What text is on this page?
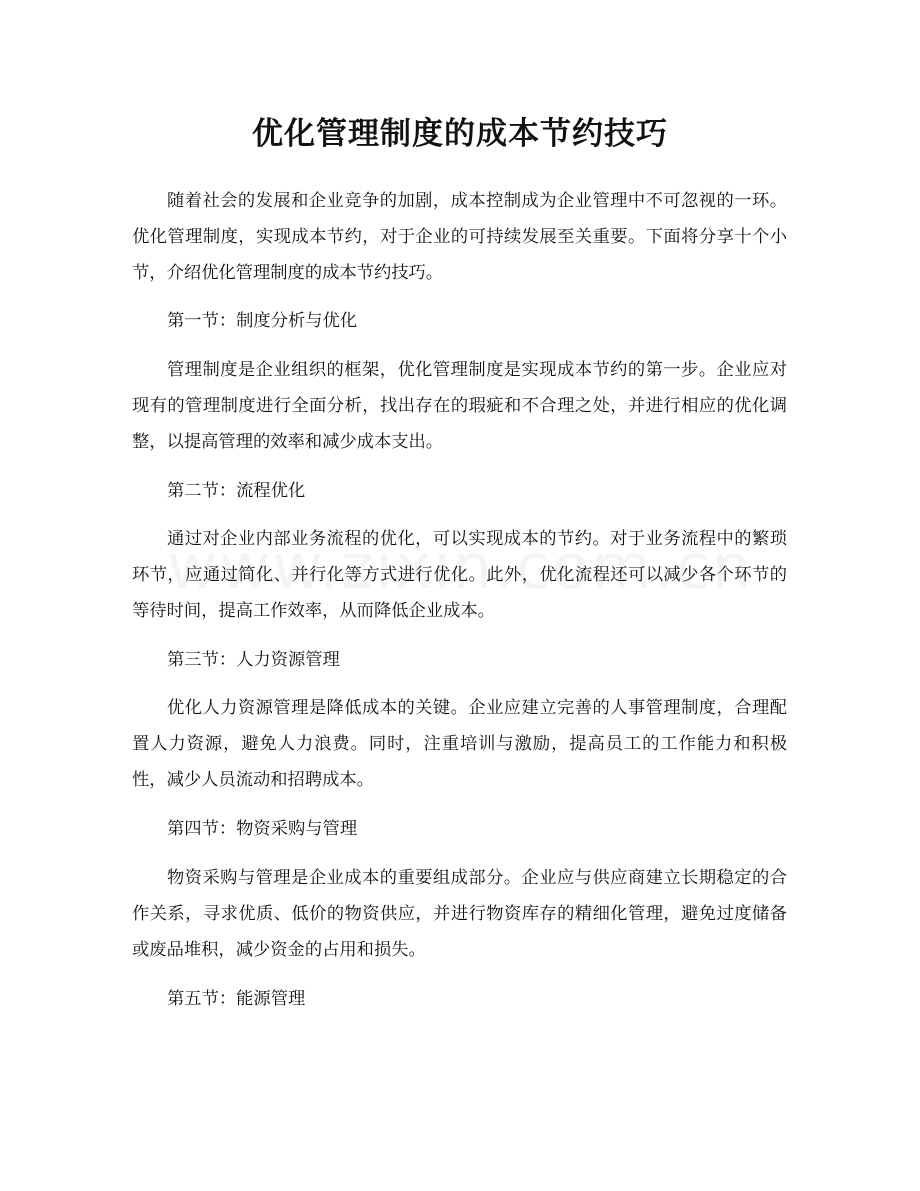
优化管理制度的成本节约技巧

随着社会的发展和企业竞争的加剧，成本控制成为企业管理中不可忽视的一环。优化管理制度，实现成本节约，对于企业的可持续发展至关重要。下面将分享十个小节，介绍优化管理制度的成本节约技巧。

第一节：制度分析与优化

管理制度是企业组织的框架，优化管理制度是实现成本节约的第一步。企业应对现有的管理制度进行全面分析，找出存在的瑕疵和不合理之处，并进行相应的优化调整，以提高管理的效率和减少成本支出。

第二节：流程优化

通过对企业内部业务流程的优化，可以实现成本的节约。对于业务流程中的繁琐环节，应通过简化、并行化等方式进行优化。此外，优化流程还可以减少各个环节的等待时间，提高工作效率，从而降低企业成本。

第三节：人力资源管理

优化人力资源管理是降低成本的关键。企业应建立完善的人事管理制度，合理配置人力资源，避免人力浪费。同时，注重培训与激励，提高员工的工作能力和积极性，减少人员流动和招聘成本。

第四节：物资采购与管理

物资采购与管理是企业成本的重要组成部分。企业应与供应商建立长期稳定的合作关系，寻求优质、低价的物资供应，并进行物资库存的精细化管理，避免过度储备或废品堆积，减少资金的占用和损失。

第五节：能源管理
